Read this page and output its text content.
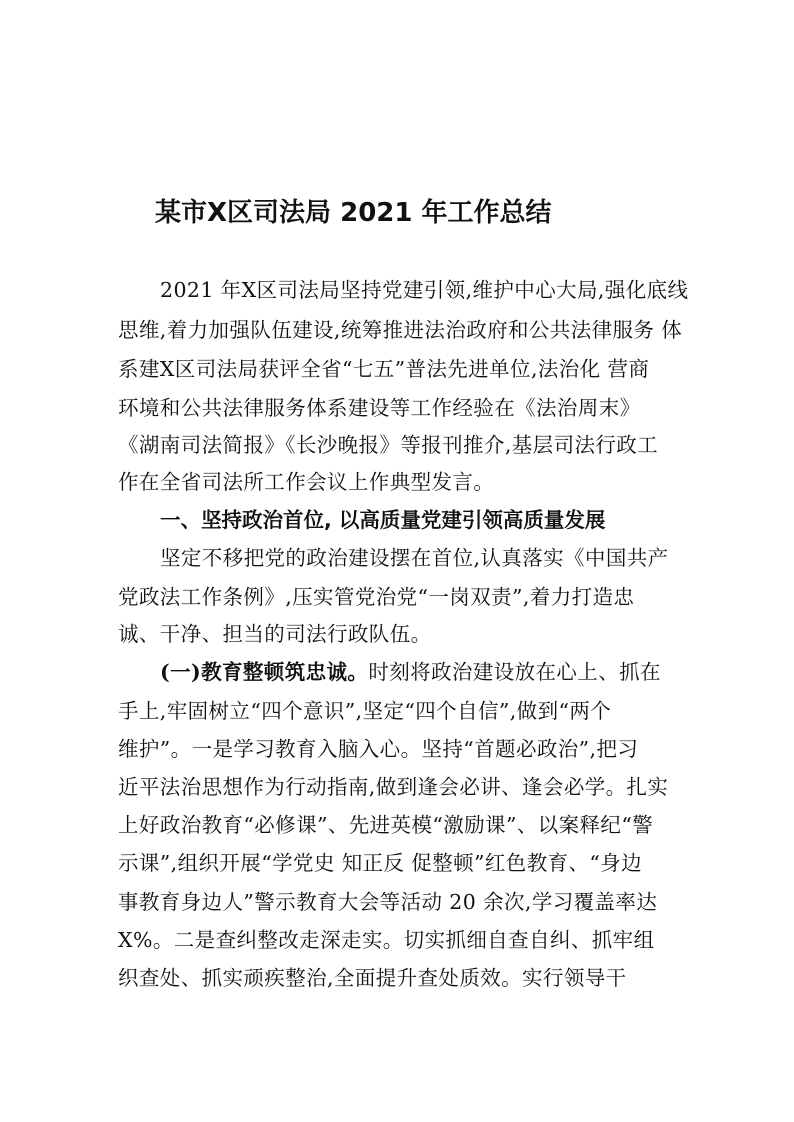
某市X区司法局 2021 年工作总结
2021 年X区司法局坚持党建引领,维护中心大局,强化底线
思维,着力加强队伍建设,统筹推进法治政府和公共法律服务 体
系建X区司法局获评全省“七五”普法先进单位,法治化 营商
环境和公共法律服务体系建设等工作经验在《法治周末》
《湖南司法简报》《长沙晚报》等报刊推介,基层司法行政工
作在全省司法所工作会议上作典型发言。
一、坚持政治首位, 以高质量党建引领高质量发展
坚定不移把党的政治建设摆在首位,认真落实《中国共产
党政法工作条例》,压实管党治党“一岗双责”,着力打造忠
诚、干净、担当的司法行政队伍。
(一)教育整顿筑忠诚。时刻将政治建设放在心上、抓在
手上,牢固树立“四个意识”,坚定“四个自信”,做到“两个
维护”。一是学习教育入脑入心。坚持“首题必政治”,把习
近平法治思想作为行动指南,做到逢会必讲、逢会必学。扎实
上好政治教育“必修课”、先进英模“激励课”、以案释纪“警
示课”,组织开展“学党史 知正反 促整顿”红色教育、“身边
事教育身边人”警示教育大会等活动 20 余次,学习覆盖率达
X%。二是查纠整改走深走实。切实抓细自查自纠、抓牢组
织查处、抓实顽疾整治,全面提升查处质效。实行领导干
